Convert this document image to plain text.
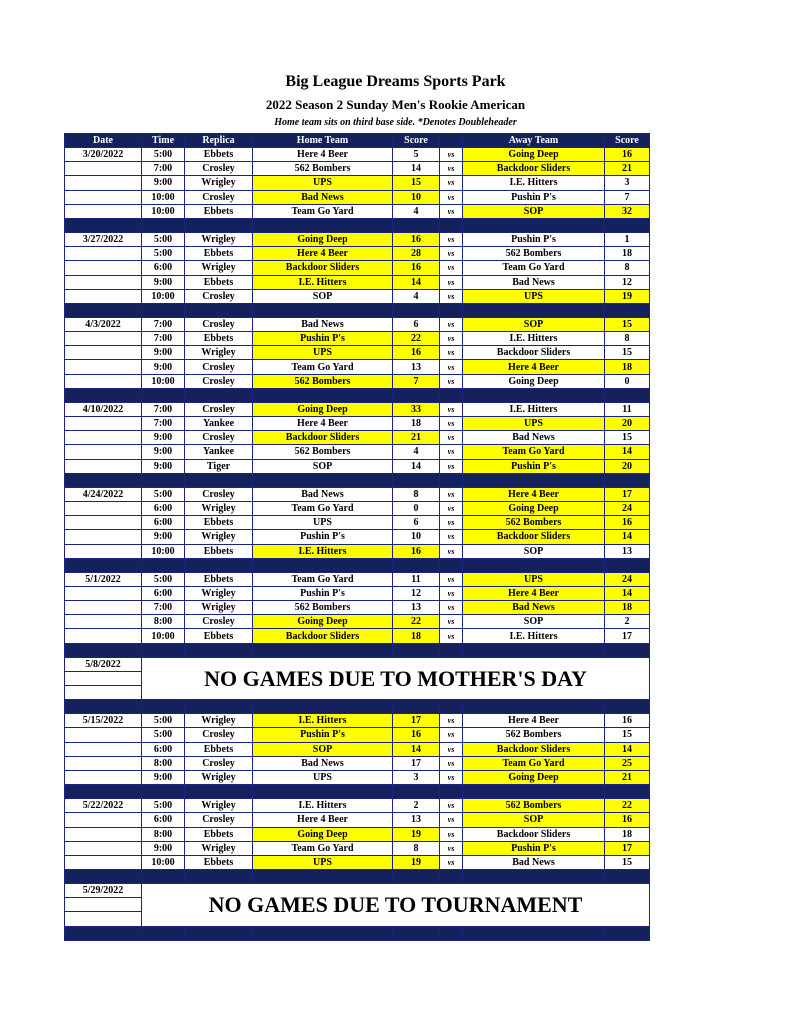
Big League Dreams Sports Park
2022 Season 2 Sunday Men's Rookie American
Home team sits on third base side. *Denotes Doubleheader
Date	Time	Replica	Home Team	Score		Away Team	Score
3/20/2022	5:00	Ebbets	Here 4 Beer	5	vs	Going Deep	16
	7:00	Crosley	562 Bombers	14	vs	Backdoor Sliders	21
	9:00	Wrigley	UPS	15	vs	I.E. Hitters	3
	10:00	Crosley	Bad News	10	vs	Pushin P's	7
	10:00	Ebbets	Team Go Yard	4	vs	SOP	32

3/27/2022	5:00	Wrigley	Going Deep	16	vs	Pushin P's	1
	5:00	Ebbets	Here 4 Beer	28	vs	562 Bombers	18
	6:00	Wrigley	Backdoor Sliders	16	vs	Team Go Yard	8
	9:00	Ebbets	I.E. Hitters	14	vs	Bad News	12
	10:00	Crosley	SOP	4	vs	UPS	19

4/3/2022	7:00	Crosley	Bad News	6	vs	SOP	15
	7:00	Ebbets	Pushin P's	22	vs	I.E. Hitters	8
	9:00	Wrigley	UPS	16	vs	Backdoor Sliders	15
	9:00	Crosley	Team Go Yard	13	vs	Here 4 Beer	18
	10:00	Crosley	562 Bombers	7	vs	Going Deep	0

4/10/2022	7:00	Crosley	Going Deep	33	vs	I.E. Hitters	11
	7:00	Yankee	Here 4 Beer	18	vs	UPS	20
	9:00	Crosley	Backdoor Sliders	21	vs	Bad News	15
	9:00	Yankee	562 Bombers	4	vs	Team Go Yard	14
	9:00	Tiger	SOP	14	vs	Pushin P's	20

4/24/2022	5:00	Crosley	Bad News	8	vs	Here 4 Beer	17
	6:00	Wrigley	Team Go Yard	0	vs	Going Deep	24
	6:00	Ebbets	UPS	6	vs	562 Bombers	16
	9:00	Wrigley	Pushin P's	10	vs	Backdoor Sliders	14
	10:00	Ebbets	I.E. Hitters	16	vs	SOP	13

5/1/2022	5:00	Ebbets	Team Go Yard	11	vs	UPS	24
	6:00	Wrigley	Pushin P's	12	vs	Here 4 Beer	14
	7:00	Wrigley	562 Bombers	13	vs	Bad News	18
	8:00	Crosley	Going Deep	22	vs	SOP	2
	10:00	Ebbets	Backdoor Sliders	18	vs	I.E. Hitters	17

5/8/2022	NO GAMES DUE TO MOTHER'S DAY						

5/15/2022	5:00	Wrigley	I.E. Hitters	17	vs	Here 4 Beer	16
	5:00	Crosley	Pushin P's	16	vs	562 Bombers	15
	6:00	Ebbets	SOP	14	vs	Backdoor Sliders	14
	8:00	Crosley	Bad News	17	vs	Team Go Yard	25
	9:00	Wrigley	UPS	3	vs	Going Deep	21

5/22/2022	5:00	Wrigley	I.E. Hitters	2	vs	562 Bombers	22
	6:00	Crosley	Here 4 Beer	13	vs	SOP	16
	8:00	Ebbets	Going Deep	19	vs	Backdoor Sliders	18
	9:00	Wrigley	Team Go Yard	8	vs	Pushin P's	17
	10:00	Ebbets	UPS	19	vs	Bad News	15

5/29/2022	NO GAMES DUE TO TOURNAMENT						
